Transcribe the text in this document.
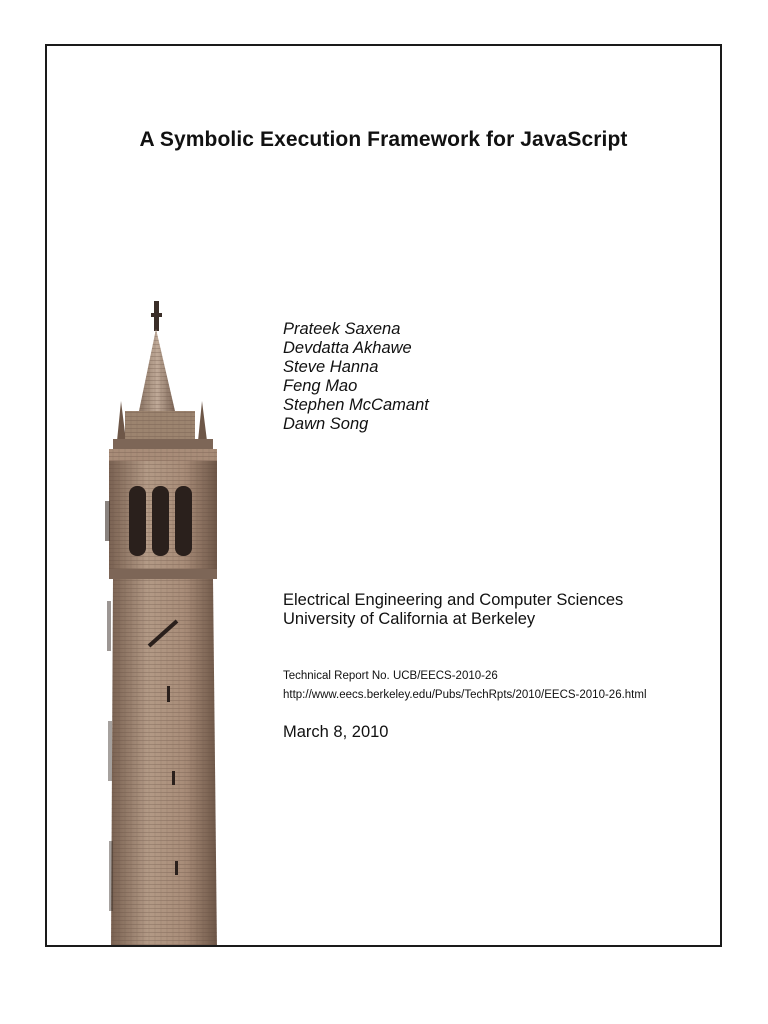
A Symbolic Execution Framework for JavaScript
Prateek Saxena
Devdatta Akhawe
Steve Hanna
Feng Mao
Stephen McCamant
Dawn Song
Electrical Engineering and Computer Sciences
University of California at Berkeley
Technical Report No. UCB/EECS-2010-26
http://www.eecs.berkeley.edu/Pubs/TechRpts/2010/EECS-2010-26.html
March 8, 2010
